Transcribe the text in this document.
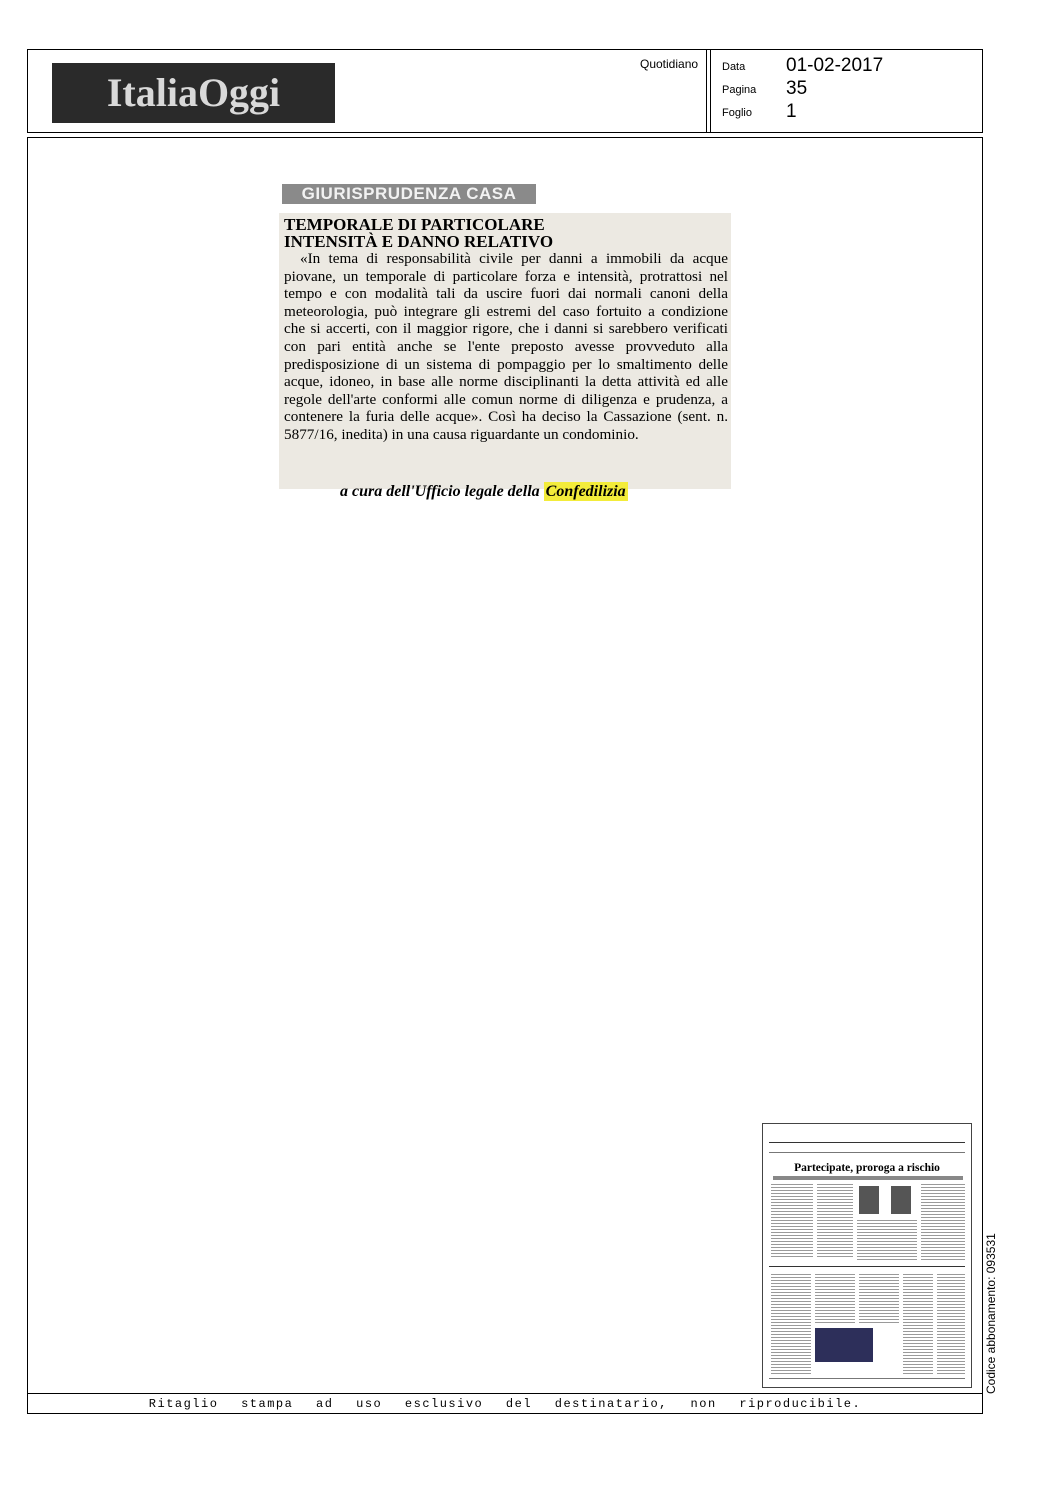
ItaliaOggi
Quotidiano Data 01-02-2017
Pagina 35
Foglio 1
GIURISPRUDENZA CASA
TEMPORALE DI PARTICOLARE
INTENSITÀ E DANNO RELATIVO
«In tema di responsabilità civile per danni a immobili da acque piovane, un temporale di particolare forza e intensità, protrattosi nel tempo e con modalità tali da uscire fuori dai normali canoni della meteorologia, può integrare gli estremi del caso fortuito a condizione che si accerti, con il maggior rigore, che i danni si sarebbero verificati con pari entità anche se l'ente preposto avesse provveduto alla predisposizione di un sistema di pompaggio per lo smaltimento delle acque, idoneo, in base alle norme disciplinanti la detta attività ed alle regole dell'arte conformi alle comun norme di diligenza e prudenza, a contenere la furia delle acque». Così ha deciso la Cassazione (sent. n. 5877/16, inedita) in una causa riguardante un condominio.
a cura dell'Ufficio legale della Confedilizia
Partecipate, proroga a rischio
Ritaglio stampa ad uso esclusivo del destinatario, non riproducibile.
Codice abbonamento: 093531
